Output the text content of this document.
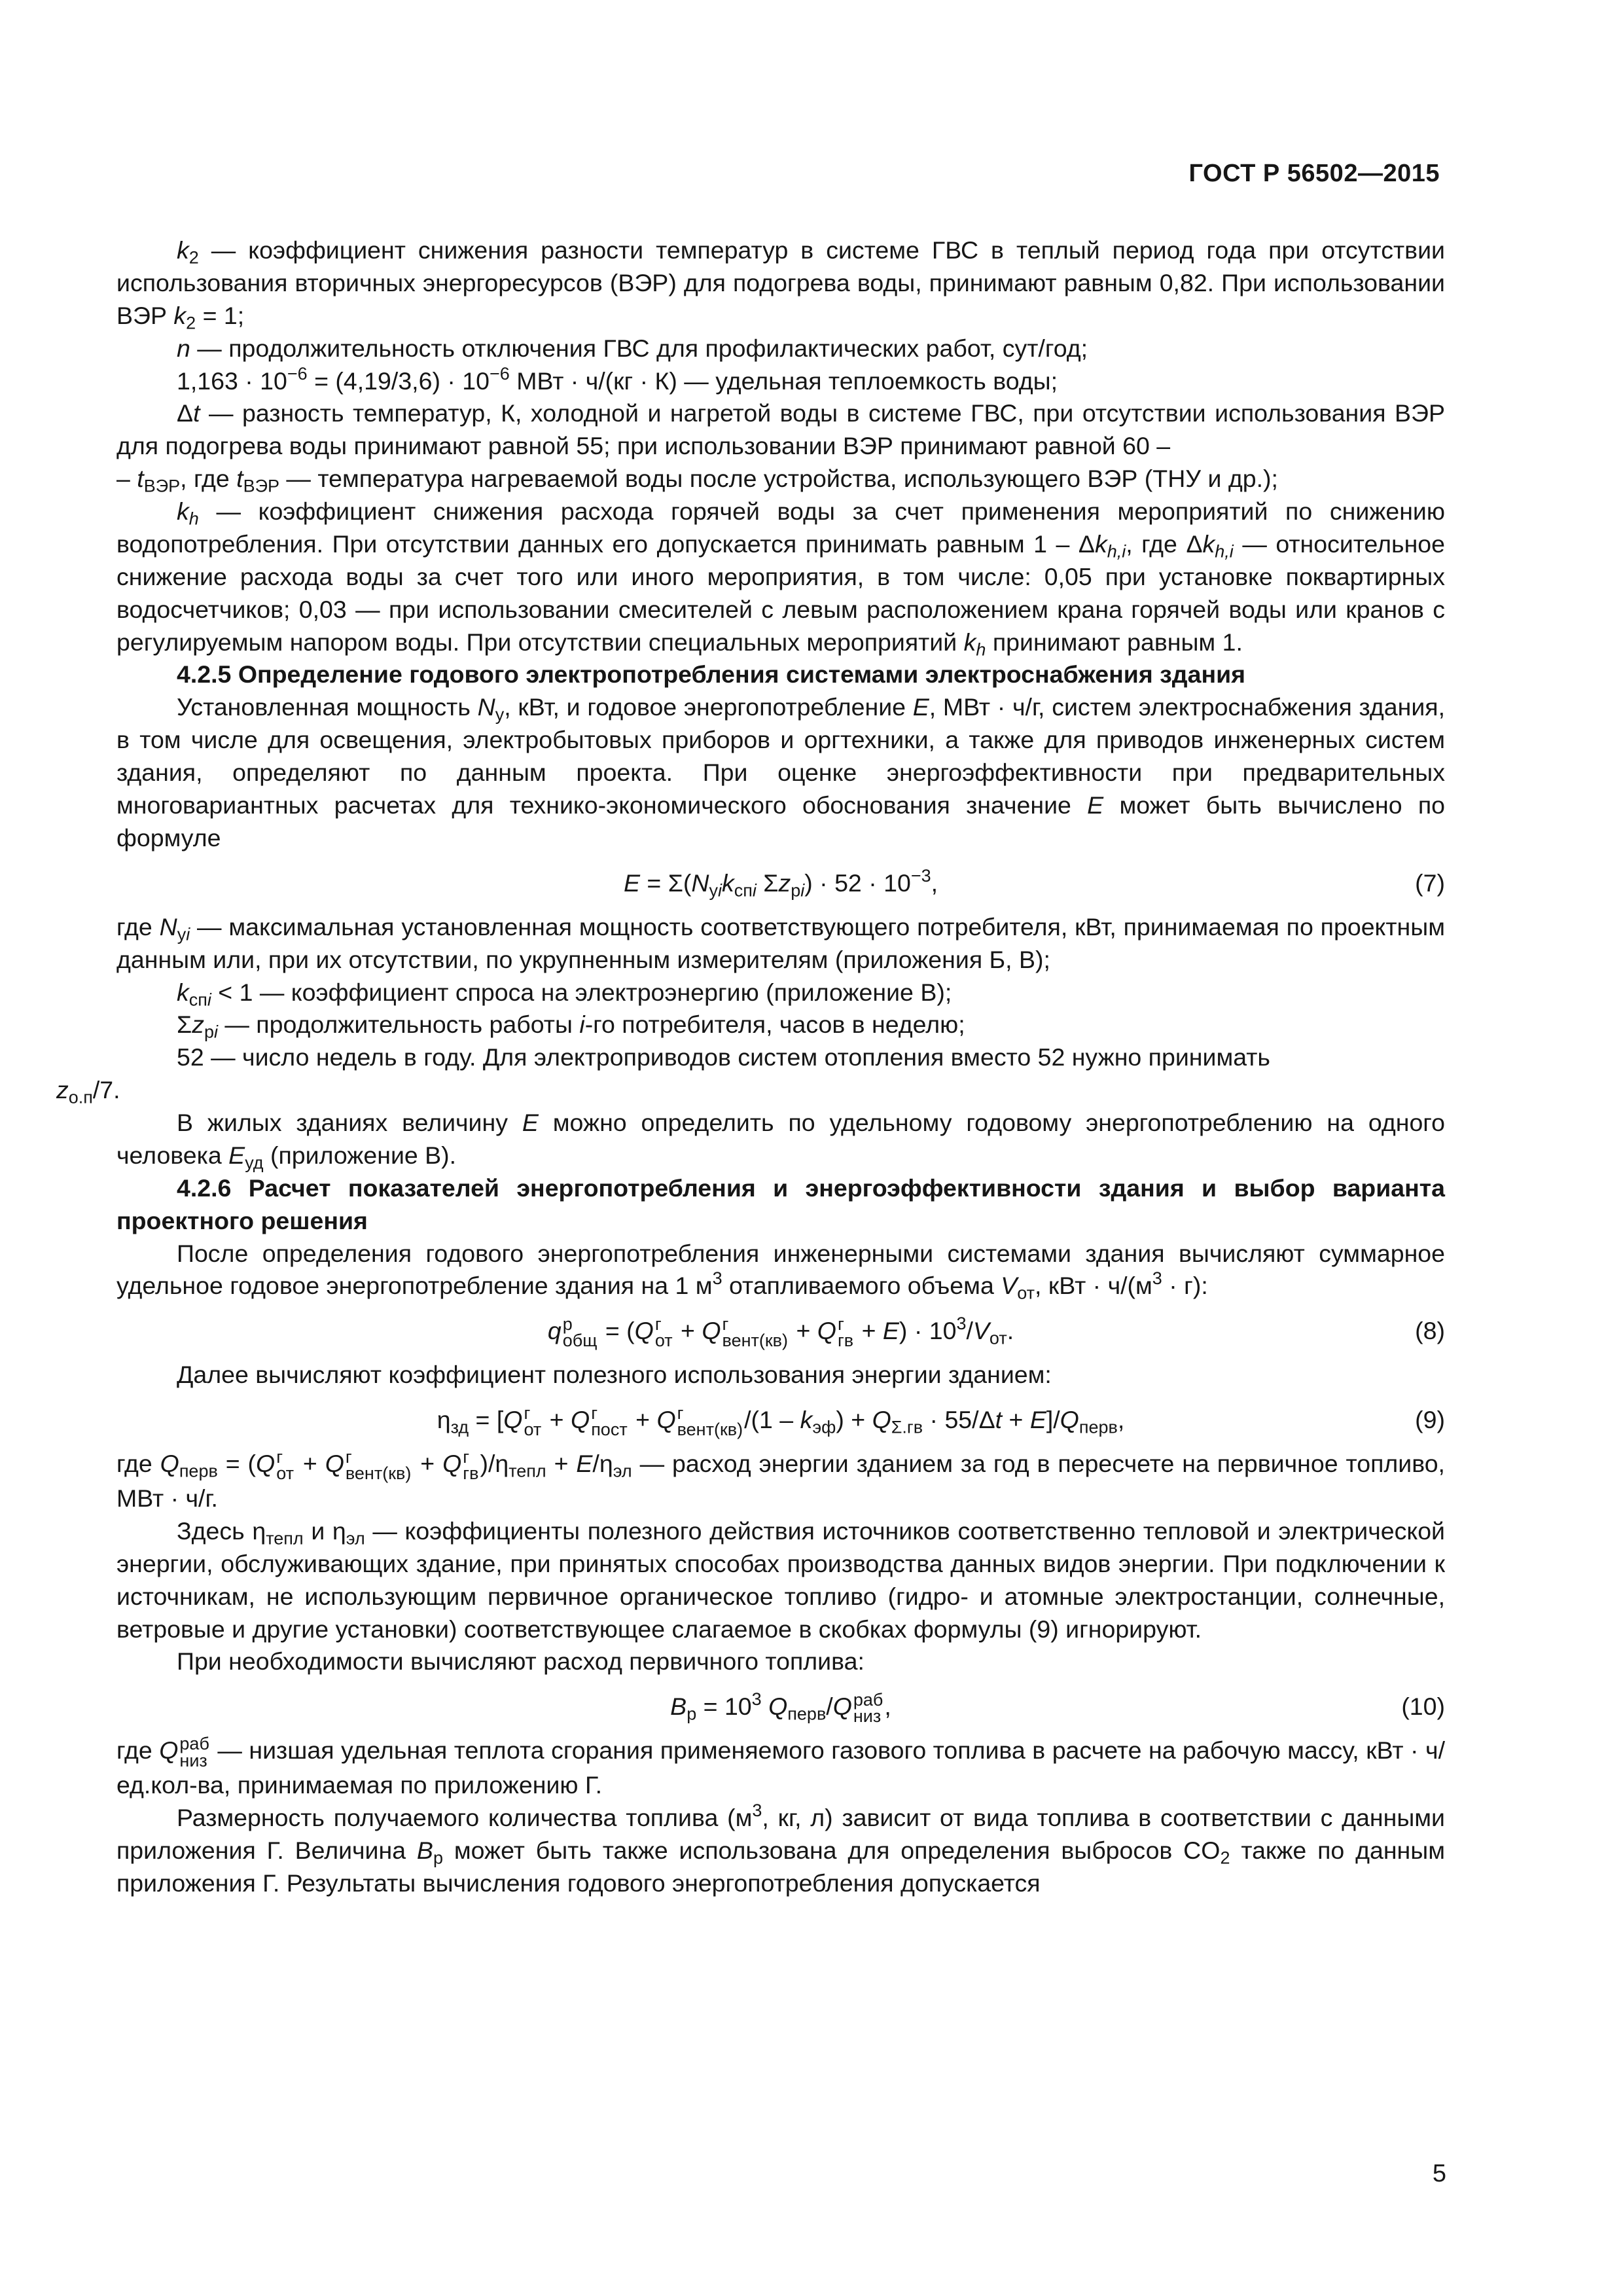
ГОСТ Р 56502—2015

$k_2$ — коэффициент снижения разности температур в системе ГВС в теплый период года при отсутствии использования вторичных энергоресурсов (ВЭР) для подогрева воды, принимают равным 0,82. При использовании ВЭР $k_2 = 1$;

n — продолжительность отключения ГВС для профилактических работ, сут/год;

$1,163 \cdot 10^{-6} = (4,19/3,6) \cdot 10^{-6}$ МВт · ч/(кг · К) — удельная теплоемкость воды;

Δt — разность температур, К, холодной и нагретой воды в системе ГВС, при отсутствии использования ВЭР для подогрева воды принимают равной 55; при использовании ВЭР принимают равной 60 –
– $t_{ВЭР}$, где $t_{ВЭР}$ — температура нагреваемой воды после устройства, использующего ВЭР (ТНУ и др.);

$k_h$ — коэффициент снижения расхода горячей воды за счет применения мероприятий по снижению водопотребления. При отсутствии данных его допускается принимать равным $1 - \Delta k_{h,i}$, где $\Delta k_{h,i}$ — относительное снижение расхода воды за счет того или иного мероприятия, в том числе: 0,05 при установке поквартирных водосчетчиков; 0,03 — при использовании смесителей с левым расположением крана горячей воды или кранов с регулируемым напором воды. При отсутствии специальных мероприятий $k_h$ принимают равным 1.

4.2.5 Определение годового электропотребления системами электроснабжения здания

Установленная мощность $N_у$, кВт, и годовое энергопотребление E, МВт · ч/г, систем электроснабжения здания, в том числе для освещения, электробытовых приборов и оргтехники, а также для приводов инженерных систем здания, определяют по данным проекта. При оценке энергоэффективности при предварительных многовариантных расчетах для технико-экономического обоснования значение E может быть вычислено по формуле

$E = \Sigma(N_{уi}k_{спi}$ $\Sigma z_{рi}) \cdot 52 \cdot 10^{-3}$,	(7)

где $N_{уi}$ — максимальная установленная мощность соответствующего потребителя, кВт, принимаемая по проектным данным или, при их отсутствии, по укрупненным измерителям (приложения Б, В);

$k_{спi} < 1$ — коэффициент спроса на электроэнергию (приложение В);

$\Sigma z_{рi}$ — продолжительность работы i-го потребителя, часов в неделю;

52 — число недель в году. Для электроприводов систем отопления вместо 52 нужно принимать
$z_{о.п}/7$.

В жилых зданиях величину E можно определить по удельному годовому энергопотреблению на одного человека $E_{уд}$ (приложение В).

4.2.6 Расчет показателей энергопотребления и энергоэффективности здания и выбор варианта проектного решения

После определения годового энергопотребления инженерными системами здания вычисляют суммарное удельное годовое энергопотребление здания на 1 $м^3$ отапливаемого объема $V_{от}$, кВт · $ч/(м^3 \cdot г)$:

q р
общ = (Q г
от + Q г
вент(кв) + Q г
гв + $E) \cdot 10^3/V_{от}$.	(8)

Далее вычисляют коэффициент полезного использования энергии зданием:

$\eta_{зд} = [Q$ г
от + Q г
пост + Q г
вент(кв) $/(1 - k_{эф}) + Q_{\Sigma.гв} \cdot 55/\Delta t + E]/Q_{перв}$,	(9)

где $Q_{перв} = (Q$ г
от + Q г
вент(кв) + Q г
гв )$/\eta_{тепл} + E/\eta_{эл}$ — расход энергии зданием за год в пересчете на первичное топливо, МВт · ч/г.

Здесь $\eta_{тепл}$ и $\eta_{эл}$ — коэффициенты полезного действия источников соответственно тепловой и электрической энергии, обслуживающих здание, при принятых способах производства данных видов энергии. При подключении к источникам, не использующим первичное органическое топливо (гидро- и атомные электростанции, солнечные, ветровые и другие установки) соответствующее слагаемое в скобках формулы (9) игнорируют.

При необходимости вычисляют расход первичного топлива:

$B_р = 10^3$ $Q_{перв}/Q$ раб
низ ,	(10)

где Q раб
низ — низшая удельная теплота сгорания применяемого газового топлива в расчете на рабочую массу, кВт · ч/ед.кол-ва, принимаемая по приложению Г.

Размерность получаемого количества топлива ($м^3$, кг, л) зависит от вида топлива в соответствии с данными приложения Г. Величина $B_р$ может быть также использована для определения выбросов $CO_2$ также по данным приложения Г. Результаты вычисления годового энергопотребления допускается

5
